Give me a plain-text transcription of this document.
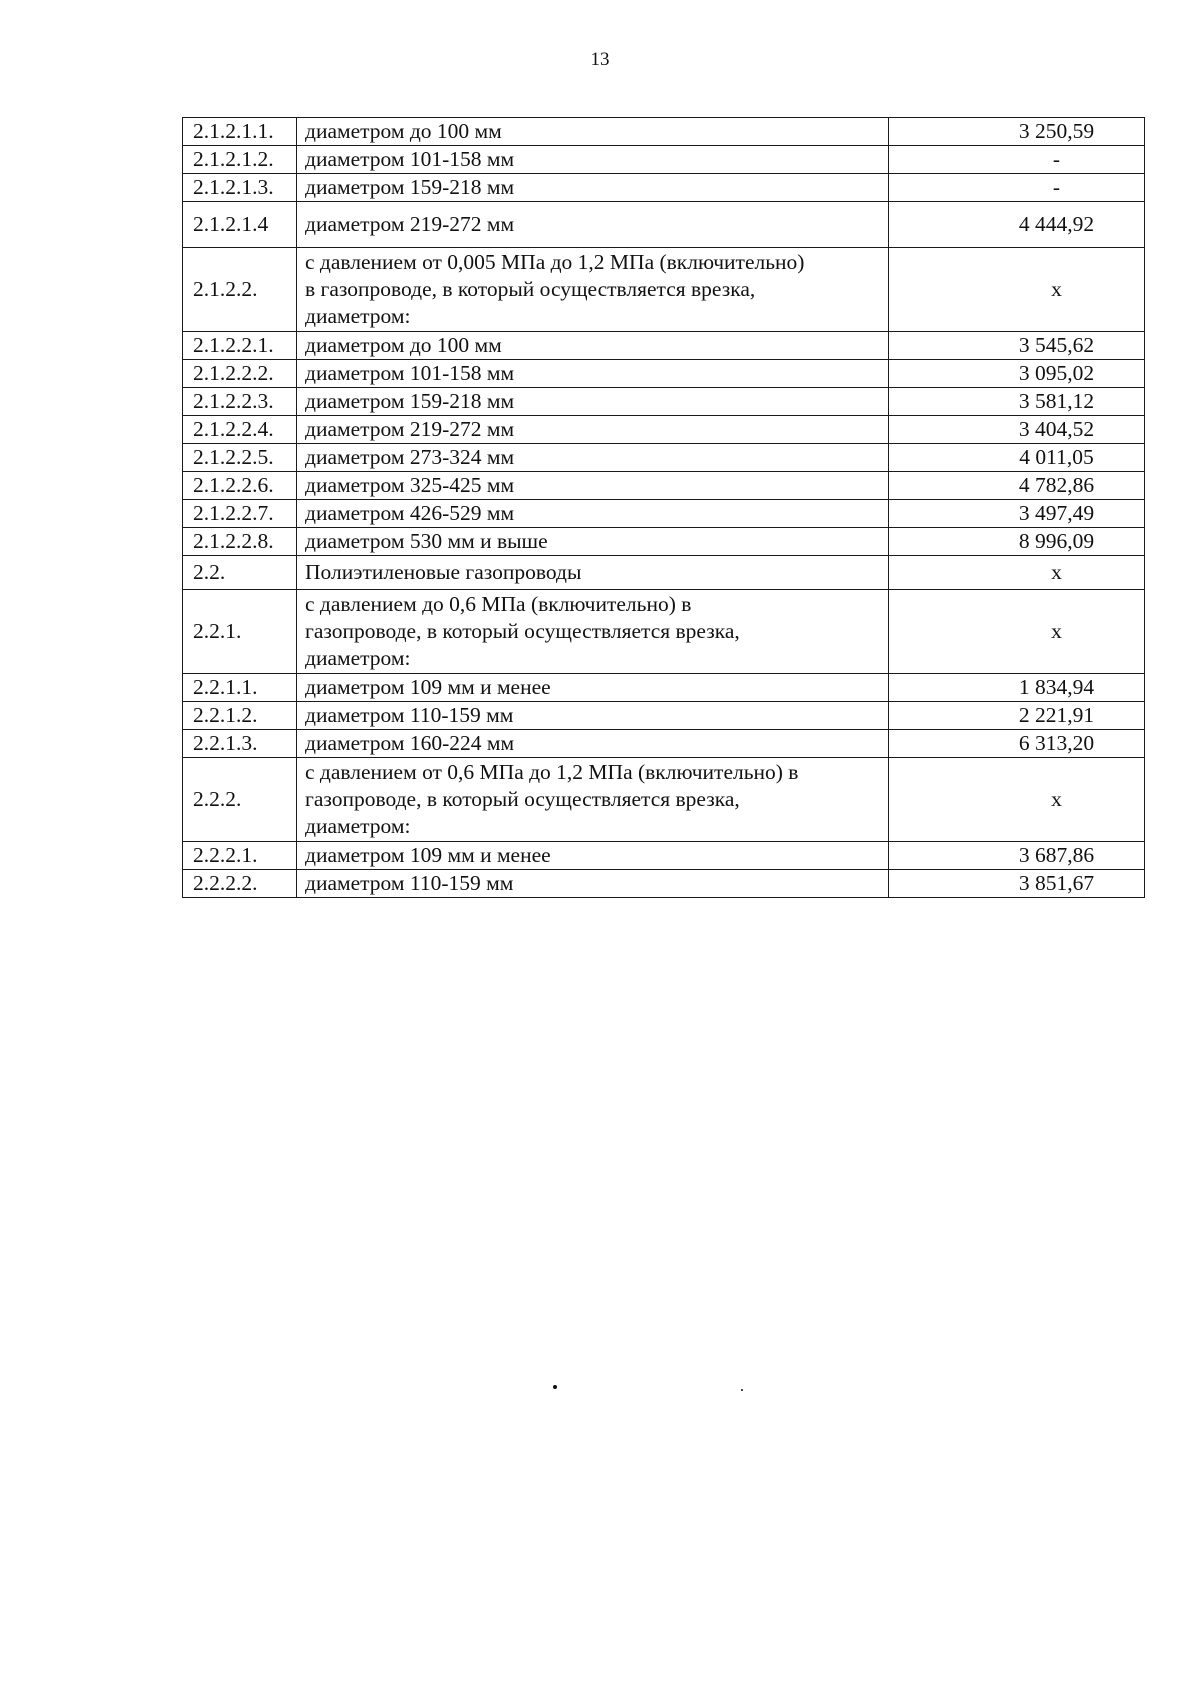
13
2.1.2.1.1.	диаметром до 100 мм	3 250,59
2.1.2.1.2.	диаметром 101-158 мм	-
2.1.2.1.3.	диаметром 159-218 мм	-
2.1.2.1.4	диаметром 219-272 мм	4 444,92
2.1.2.2.	с давлением от 0,005 МПа до 1,2 МПа (включительно)
в газопроводе, в который осуществляется врезка,
диаметром:	x
2.1.2.2.1.	диаметром до 100 мм	3 545,62
2.1.2.2.2.	диаметром 101-158 мм	3 095,02
2.1.2.2.3.	диаметром 159-218 мм	3 581,12
2.1.2.2.4.	диаметром 219-272 мм	3 404,52
2.1.2.2.5.	диаметром 273-324 мм	4 011,05
2.1.2.2.6.	диаметром 325-425 мм	4 782,86
2.1.2.2.7.	диаметром 426-529 мм	3 497,49
2.1.2.2.8.	диаметром 530 мм и выше	8 996,09
2.2.	Полиэтиленовые газопроводы	x
2.2.1.	с давлением до 0,6 МПа (включительно) в
газопроводе, в который осуществляется врезка,
диаметром:	x
2.2.1.1.	диаметром 109 мм и менее	1 834,94
2.2.1.2.	диаметром 110-159 мм	2 221,91
2.2.1.3.	диаметром 160-224 мм	6 313,20
2.2.2.	с давлением от 0,6 МПа до 1,2 МПа (включительно) в
газопроводе, в который осуществляется врезка,
диаметром:	x
2.2.2.1.	диаметром 109 мм и менее	3 687,86
2.2.2.2.	диаметром 110-159 мм	3 851,67
